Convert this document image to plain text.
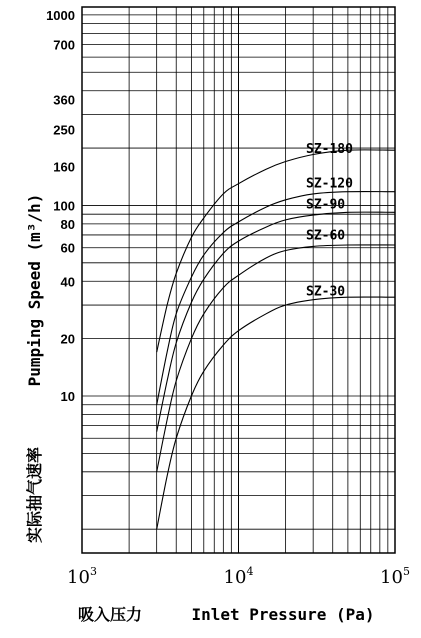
SZ-180
SZ-120
SZ-90
SZ-60
SZ-30
1000
700
360
250
160
100
80
60
40
20
10
$10^3$	$10^4$	$10^5$
Pumping Speed (m³/h)
实际抽气速率
吸入压力	Inlet Pressure (Pa)
